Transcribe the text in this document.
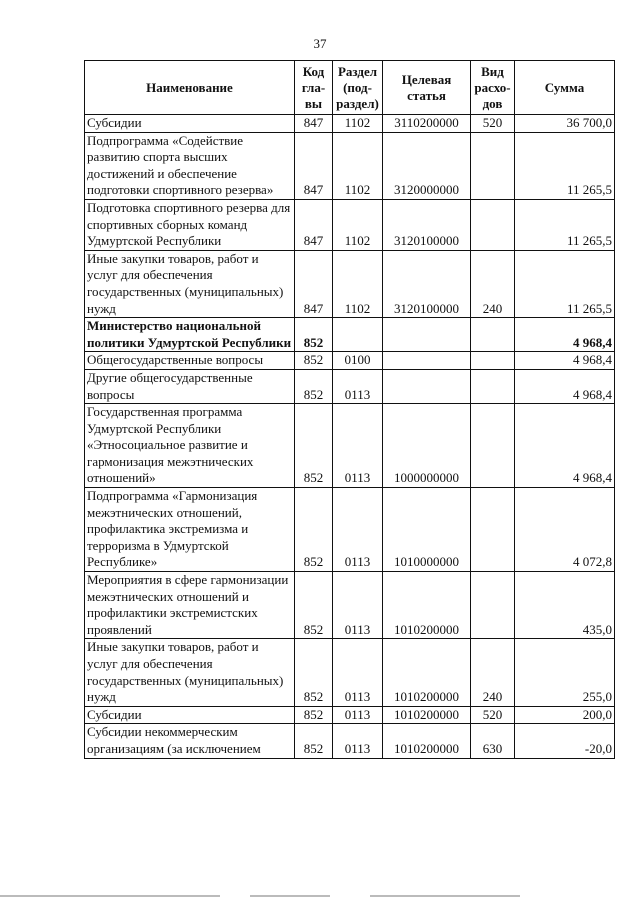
37
Наименование	Код гла- вы	Раздел (под- раздел)	Целевая статья	Вид расхо- дов	Сумма
Субсидии	847	1102	3110200000	520	36 700,0
Подпрограмма «Содействие развитию спорта высших достижений и обеспечение подготовки спортивного резерва»	847	1102	3120000000		11 265,5
Подготовка спортивного резерва для спортивных сборных команд Удмуртской Республики	847	1102	3120100000		11 265,5
Иные закупки товаров, работ и услуг для обеспечения государственных (муниципальных) нужд	847	1102	3120100000	240	11 265,5
Министерство национальной политики Удмуртской Республики	852				4 968,4
Общегосударственные вопросы	852	0100			4 968,4
Другие общегосударственные вопросы	852	0113			4 968,4
Государственная программа Удмуртской Республики «Этносоциальное развитие и гармонизация межэтнических отношений»	852	0113	1000000000		4 968,4
Подпрограмма «Гармонизация межэтнических отношений, профилактика экстремизма и терроризма в Удмуртской Республике»	852	0113	1010000000		4 072,8
Мероприятия в сфере гармонизации межэтнических отношений и профилактики экстремистских проявлений	852	0113	1010200000		435,0
Иные закупки товаров, работ и услуг для обеспечения государственных (муниципальных) нужд	852	0113	1010200000	240	255,0
Субсидии	852	0113	1010200000	520	200,0
Субсидии некоммерческим организациям (за исключением	852	0113	1010200000	630	-20,0
